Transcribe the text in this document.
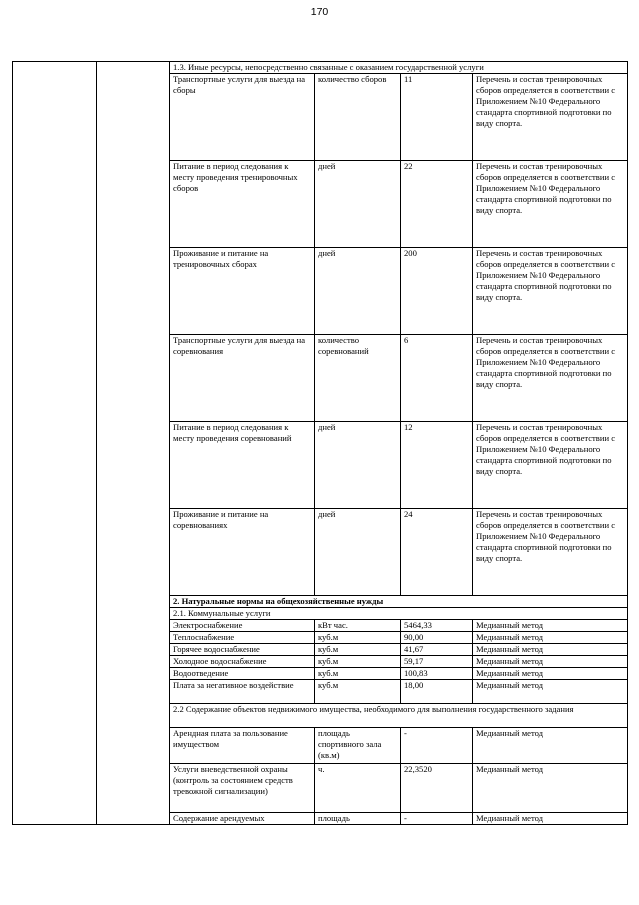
170
		1.3. Иные ресурсы, непосредственно связанные с оказанием государственной услуги			
		Транспортные услуги для выезда на сборы	количество сборов	11	Перечень и состав тренировочных сборов определяется в соответствии с Приложением №10 Федерального стандарта спортивной подготовки по виду спорта.
		Питание в период следования к месту проведения тренировочных сборов	дней	22	Перечень и состав тренировочных сборов определяется в соответствии с Приложением №10 Федерального стандарта спортивной подготовки по виду спорта.
		Проживание и питание на тренировочных сборах	дней	200	Перечень и состав тренировочных сборов определяется в соответствии с Приложением №10 Федерального стандарта спортивной подготовки по виду спорта.
		Транспортные услуги для выезда на соревнования	количество соревнований	6	Перечень и состав тренировочных сборов определяется в соответствии с Приложением №10 Федерального стандарта спортивной подготовки по виду спорта.
		Питание в период следования к месту проведения соревнований	дней	12	Перечень и состав тренировочных сборов определяется в соответствии с Приложением №10 Федерального стандарта спортивной подготовки по виду спорта.
		Проживание и питание на соревнованиях	дней	24	Перечень и состав тренировочных сборов определяется в соответствии с Приложением №10 Федерального стандарта спортивной подготовки по виду спорта.
		2. Натуральные нормы на общехозяйственные нужды			
		2.1. Коммунальные услуги			
		Электроснабжение	кВт час.	5464,33	Медианный метод
		Теплоснабжение	куб.м	90,00	Медианный метод
		Горячее водоснабжение	куб.м	41,67	Медианный метод
		Холодное водоснабжение	куб.м	59,17	Медианный метод
		Водоотведение	куб.м	100,83	Медианный метод
		Плата за негативное воздействие	куб.м	18,00	Медианный метод
		2.2 Содержание объектов недвижимого имущества, необходимого для выполнения государственного задания			
		Арендная плата за пользование имуществом	площадь спортивного зала (кв.м)	-	Медианный метод
		Услуги вневедственной охраны (контроль за состоянием средств тревожной сигнализации)	ч.	22,3520	Медианный метод
		Содержание арендуемых	площадь	-	Медианный метод
